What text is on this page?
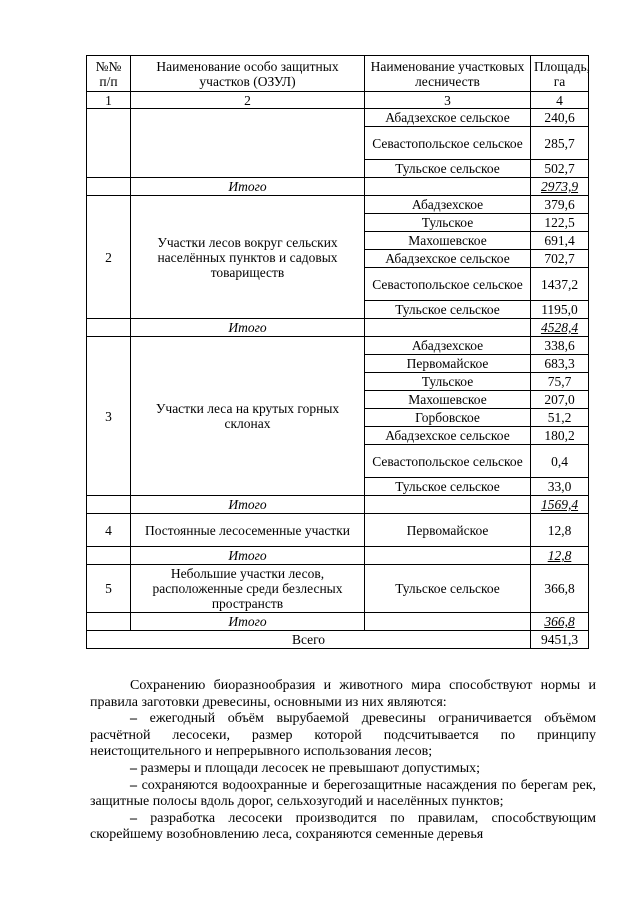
№№ п/п	Наименование особо защитных участков (ОЗУЛ)	Наименование участковых лесничеств	Площадь, га
1	2	3	4
		Абадзехское сельское	240,6
		Севастопольское сельское	285,7
		Тульское сельское	502,7
	Итого		2973,9
2	Участки лесов вокруг сельских населённых пунктов и садовых товариществ	Абадзехское	379,6
		Тульское	122,5
		Махошевское	691,4
		Абадзехское сельское	702,7
		Севастопольское сельское	1437,2
		Тульское сельское	1195,0
	Итого		4528,4
3	Участки леса на крутых горных склонах	Абадзехское	338,6
		Первомайское	683,3
		Тульское	75,7
		Махошевское	207,0
		Горбовское	51,2
		Абадзехское сельское	180,2
		Севастопольское сельское	0,4
		Тульское сельское	33,0
	Итого		1569,4
4	Постоянные лесосеменные участки	Первомайское	12,8
	Итого		12,8
5	Небольшие участки лесов, расположенные среди безлесных пространств	Тульское сельское	366,8
	Итого		366,8
Всего			9451,3

Сохранению биоразнообразия и животного мира способствуют нормы и правила заготовки древесины, основными из них являются:

– ежегодный объём вырубаемой древесины ограничивается объёмом расчётной лесосеки, размер которой подсчитывается по принципу неистощительного и непрерывного использования лесов;

– размеры и площади лесосек не превышают допустимых;

– сохраняются водоохранные и берегозащитные насаждения по берегам рек, защитные полосы вдоль дорог, сельхозугодий и населённых пунктов;

– разработка лесосеки производится по правилам, способствующим скорейшему возобновлению леса, сохраняются семенные деревья
